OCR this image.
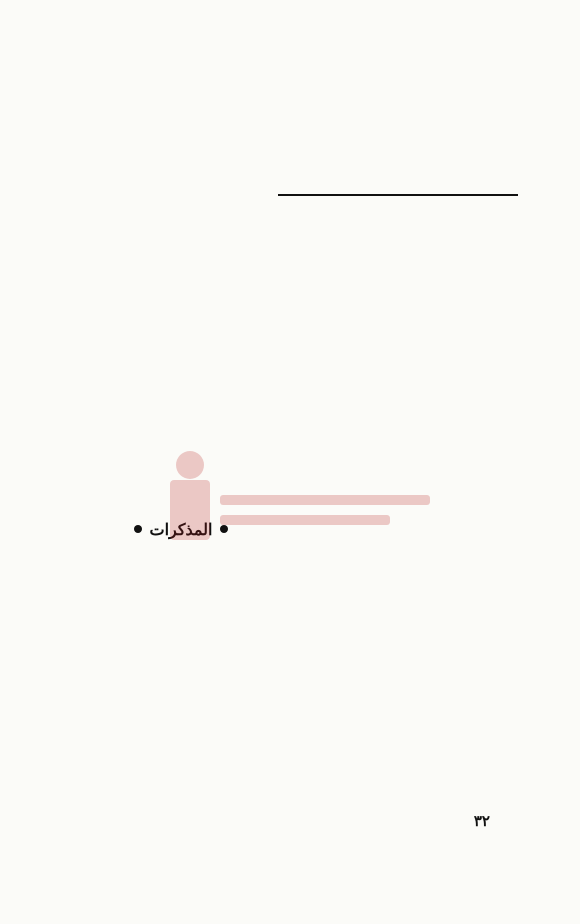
المذكرات

٣٢
